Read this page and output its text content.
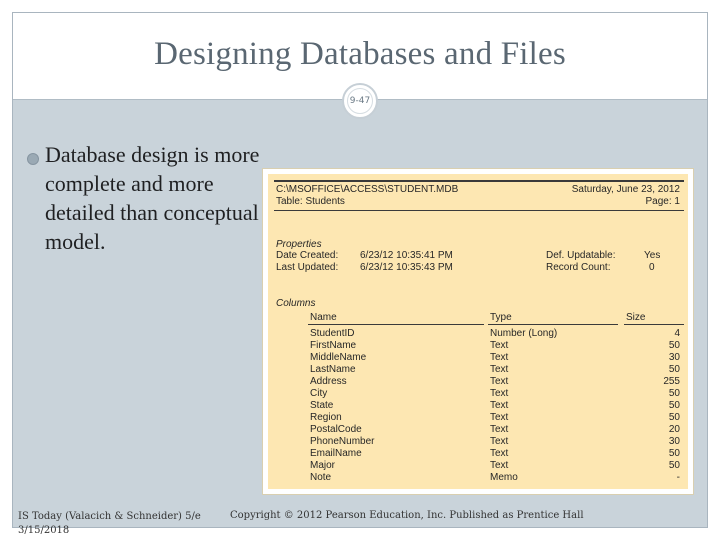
Designing Databases and Files
9-47
Database design is more complete and more detailed than conceptual model.
C:\MSOFFICE\ACCESS\STUDENT.MDB	Saturday, June 23, 2012
Table: Students	Page: 1
Properties
Date Created: 6/23/12 10:35:41 PM
Last Updated: 6/23/12 10:35:43 PM
Def. Updatable:	Yes
Record Count:	0
Columns
Name	Type	Size
StudentID	Number (Long)	4
FirstName	Text	50
MiddleName	Text	30
LastName	Text	50
Address	Text	255
City	Text	50
State	Text	50
Region	Text	50
PostalCode	Text	20
PhoneNumber	Text	30
EmailName	Text	50
Major	Text	50
Note	Memo	-
IS Today (Valacich & Schneider) 5/e
3/15/2018
Copyright © 2012 Pearson Education, Inc. Published as Prentice Hall
